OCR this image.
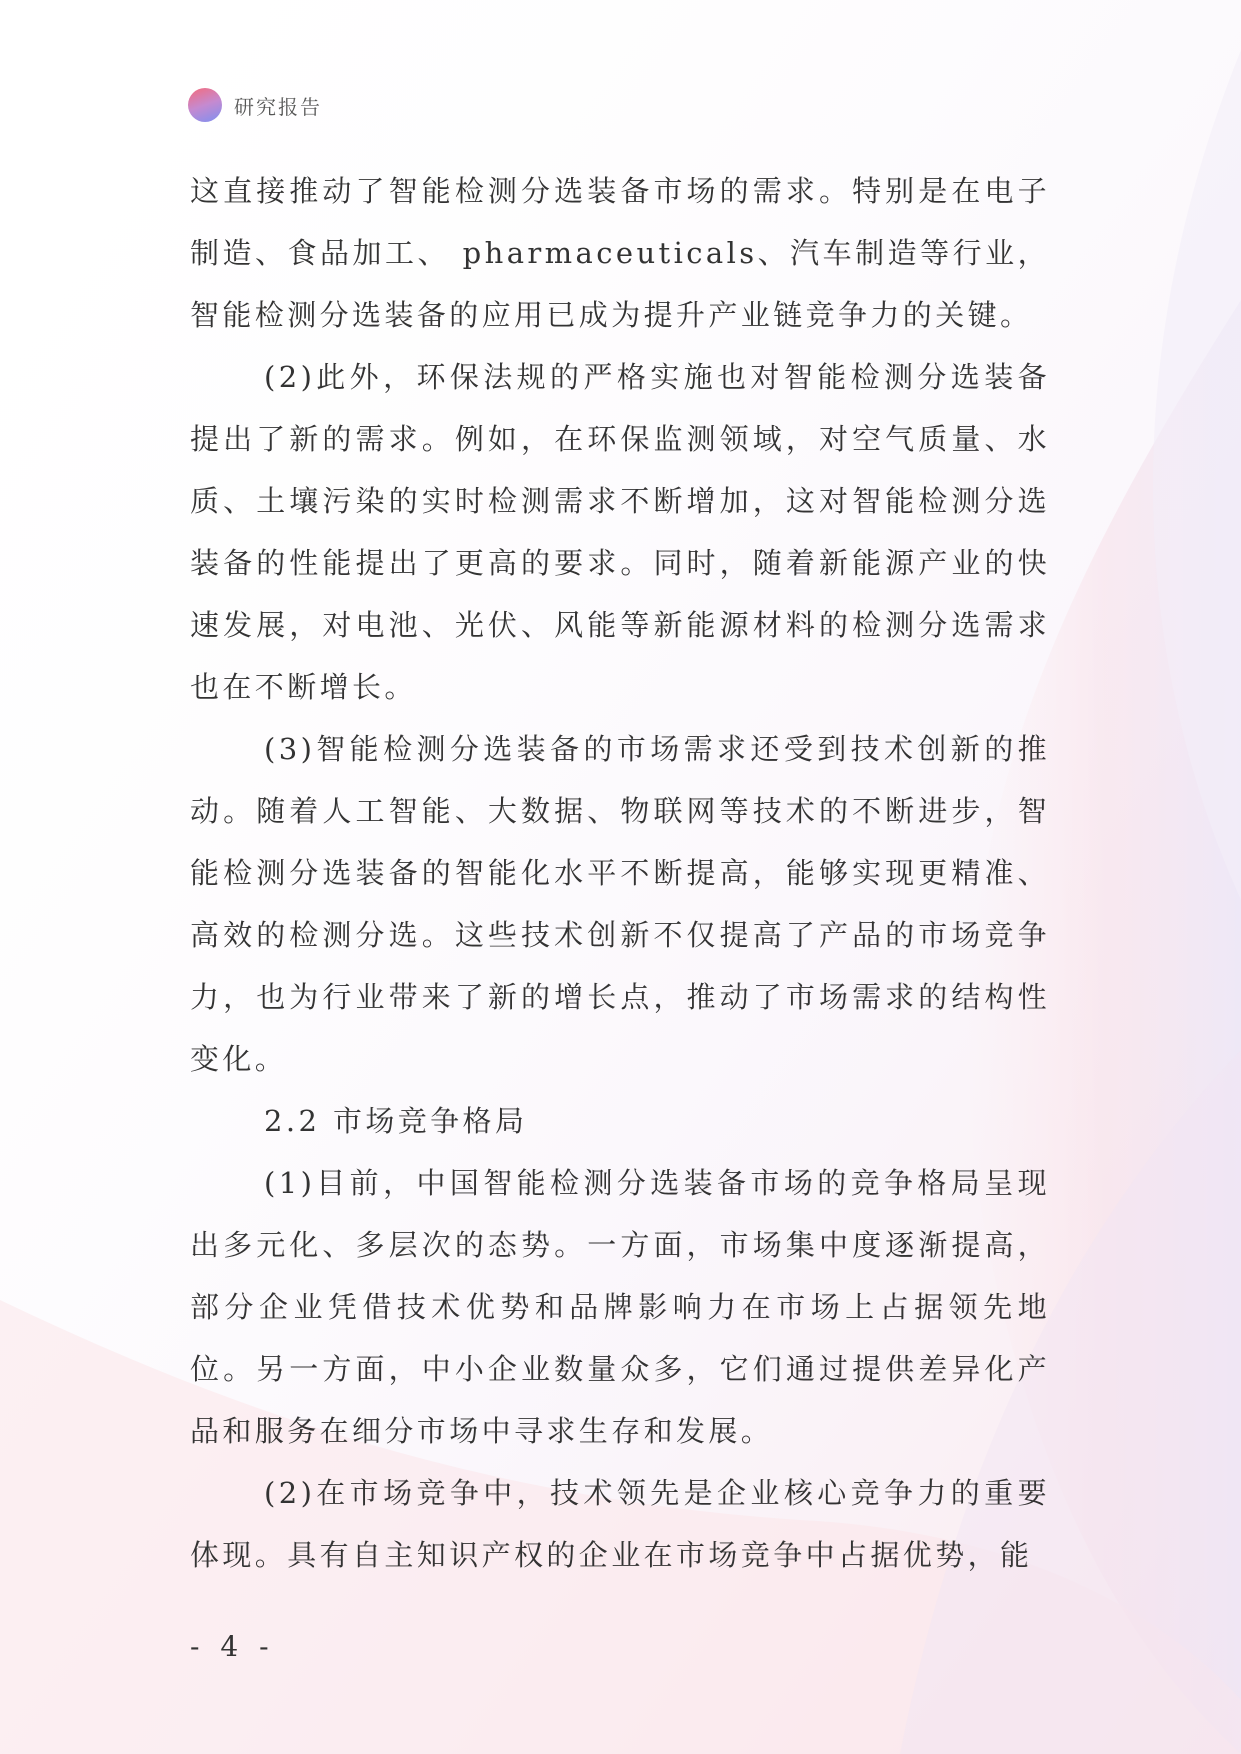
研究报告

这直接推动了智能检测分选装备市场的需求。特别是在电子制造、食品加工、 pharmaceuticals、汽车制造等行业，智能检测分选装备的应用已成为提升产业链竞争力的关键。

(2)此外，环保法规的严格实施也对智能检测分选装备提出了新的需求。例如，在环保监测领域，对空气质量、水质、土壤污染的实时检测需求不断增加，这对智能检测分选装备的性能提出了更高的要求。同时，随着新能源产业的快速发展，对电池、光伏、风能等新能源材料的检测分选需求也在不断增长。

(3)智能检测分选装备的市场需求还受到技术创新的推动。随着人工智能、大数据、物联网等技术的不断进步，智能检测分选装备的智能化水平不断提高，能够实现更精准、高效的检测分选。这些技术创新不仅提高了产品的市场竞争力，也为行业带来了新的增长点，推动了市场需求的结构性变化。

2.2 市场竞争格局

(1)目前，中国智能检测分选装备市场的竞争格局呈现出多元化、多层次的态势。一方面，市场集中度逐渐提高，部分企业凭借技术优势和品牌影响力在市场上占据领先地位。另一方面，中小企业数量众多，它们通过提供差异化产品和服务在细分市场中寻求生存和发展。

(2)在市场竞争中，技术领先是企业核心竞争力的重要体现。具有自主知识产权的企业在市场竞争中占据优势，能

- 4 -
